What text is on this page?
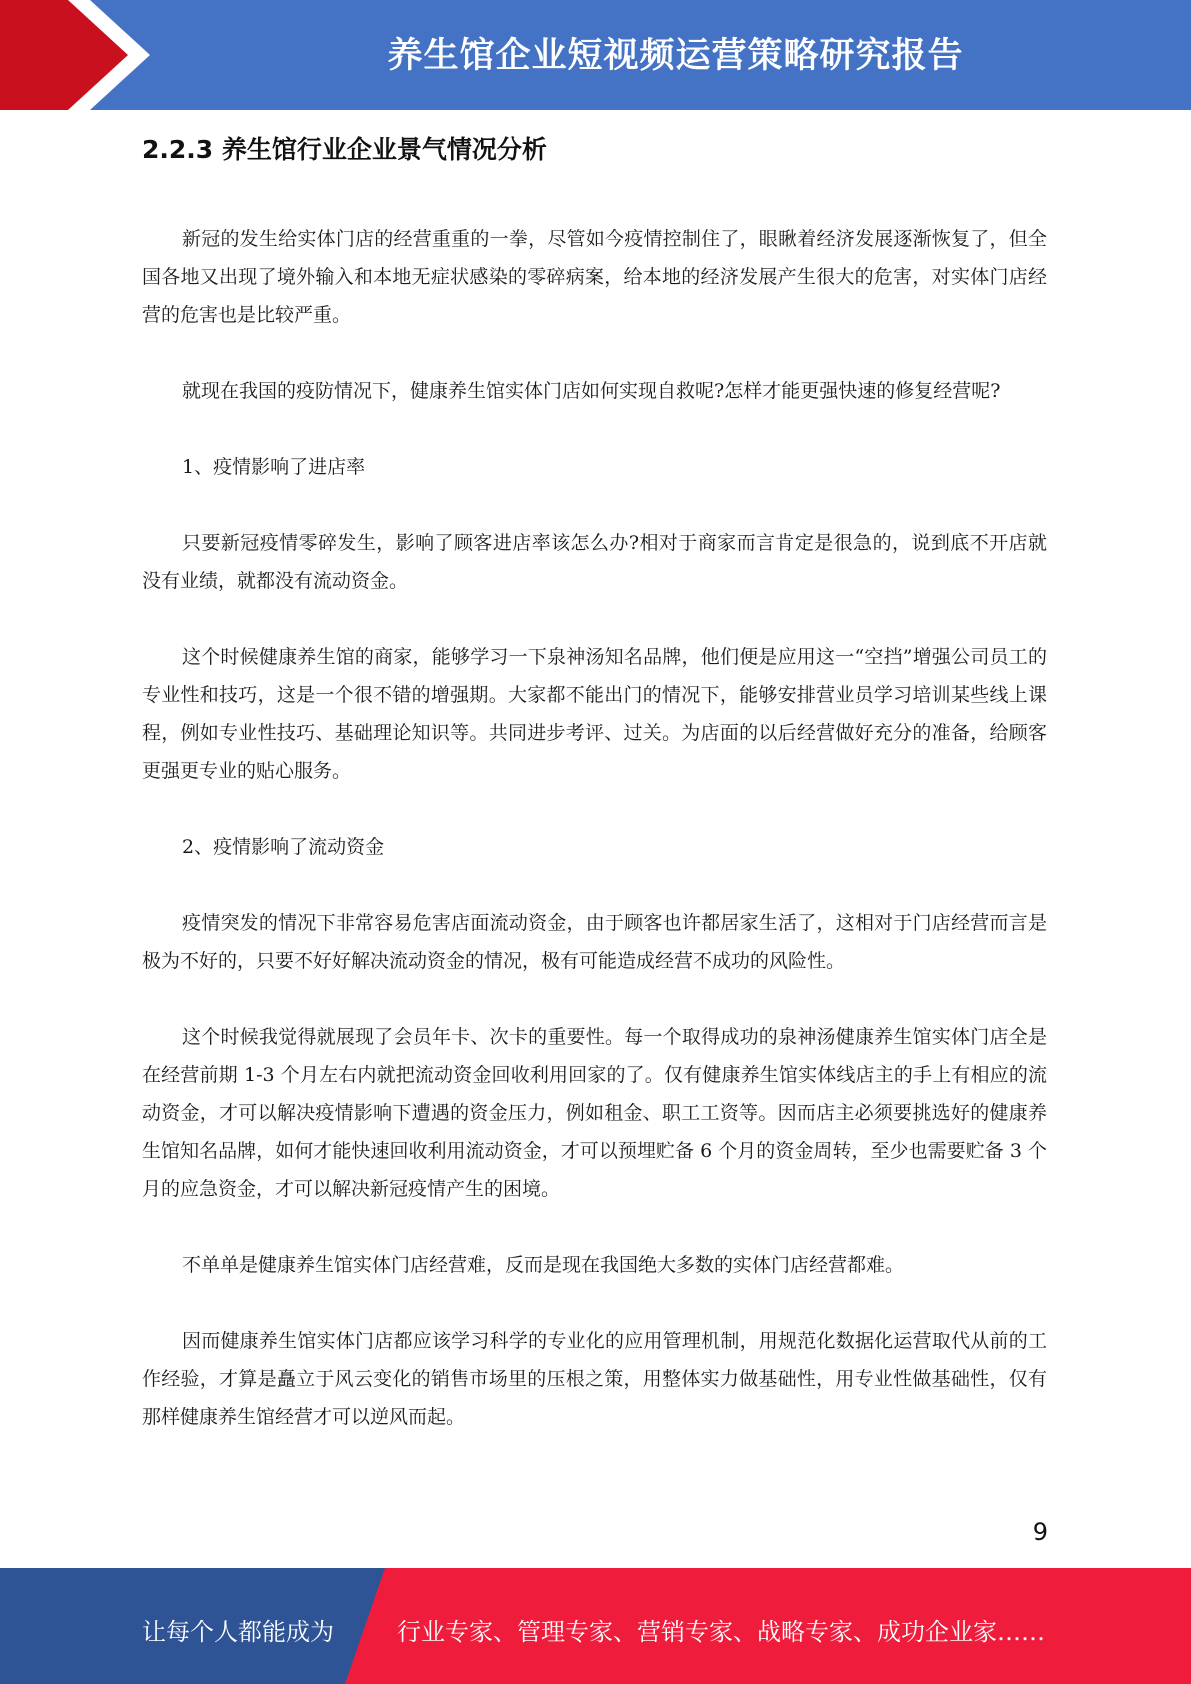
养生馆企业短视频运营策略研究报告
2.2.3 养生馆行业企业景气情况分析

新冠的发生给实体门店的经营重重的一拳，尽管如今疫情控制住了，眼瞅着经济发展逐渐恢复了，但全国各地又出现了境外输入和本地无症状感染的零碎病案，给本地的经济发展产生很大的危害，对实体门店经营的危害也是比较严重。

就现在我国的疫防情况下，健康养生馆实体门店如何实现自救呢?怎样才能更强快速的修复经营呢?

1、疫情影响了进店率

只要新冠疫情零碎发生，影响了顾客进店率该怎么办?相对于商家而言肯定是很急的，说到底不开店就没有业绩，就都没有流动资金。

这个时候健康养生馆的商家，能够学习一下泉神汤知名品牌，他们便是应用这一“空挡”增强公司员工的专业性和技巧，这是一个很不错的增强期。大家都不能出门的情况下，能够安排营业员学习培训某些线上课程，例如专业性技巧、基础理论知识等。共同进步考评、过关。为店面的以后经营做好充分的准备，给顾客更强更专业的贴心服务。

2、疫情影响了流动资金

疫情突发的情况下非常容易危害店面流动资金，由于顾客也许都居家生活了，这相对于门店经营而言是极为不好的，只要不好好解决流动资金的情况，极有可能造成经营不成功的风险性。

这个时候我觉得就展现了会员年卡、次卡的重要性。每一个取得成功的泉神汤健康养生馆实体门店全是在经营前期 1-3 个月左右内就把流动资金回收利用回家的了。仅有健康养生馆实体线店主的手上有相应的流动资金，才可以解决疫情影响下遭遇的资金压力，例如租金、职工工资等。因而店主必须要挑选好的健康养生馆知名品牌，如何才能快速回收利用流动资金，才可以预埋贮备 6 个月的资金周转，至少也需要贮备 3 个月的应急资金，才可以解决新冠疫情产生的困境。

不单单是健康养生馆实体门店经营难，反而是现在我国绝大多数的实体门店经营都难。

因而健康养生馆实体门店都应该学习科学的专业化的应用管理机制，用规范化数据化运营取代从前的工作经验，才算是矗立于风云变化的销售市场里的压根之策，用整体实力做基础性，用专业性做基础性，仅有那样健康养生馆经营才可以逆风而起。

9
让每个人都能成为	行业专家、管理专家、营销专家、战略专家、成功企业家……
